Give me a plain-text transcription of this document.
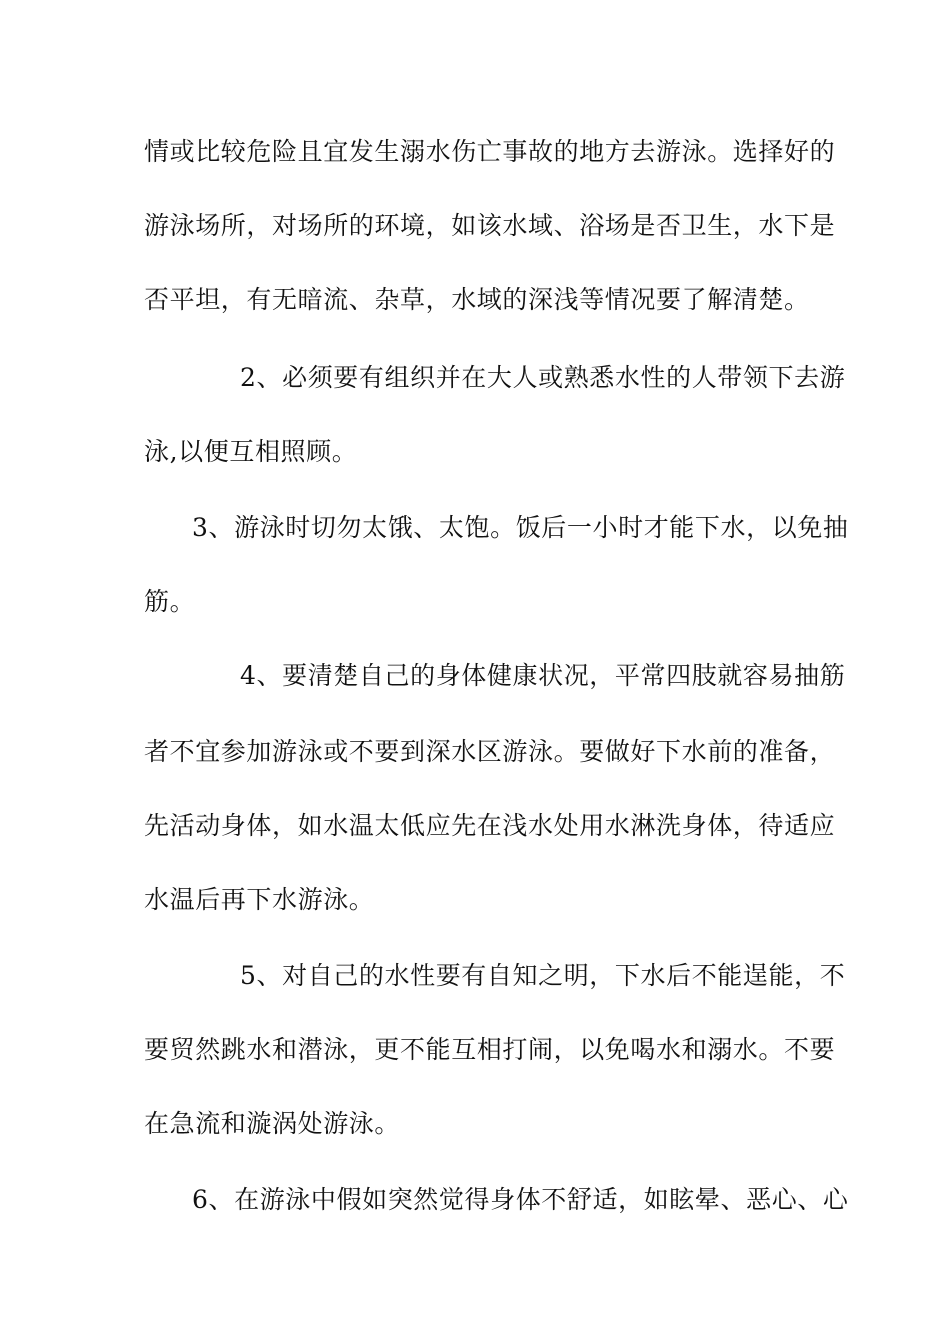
情或比较危险且宜发生溺水伤亡事故的地方去游泳。选择好的
游泳场所，对场所的环境，如该水域、浴场是否卫生，水下是
否平坦，有无暗流、杂草，水域的深浅等情况要了解清楚。
2、必须要有组织并在大人或熟悉水性的人带领下去游
泳,以便互相照顾。
3、游泳时切勿太饿、太饱。饭后一小时才能下水，以免抽
筋。
4、要清楚自己的身体健康状况，平常四肢就容易抽筋
者不宜参加游泳或不要到深水区游泳。要做好下水前的准备，
先活动身体，如水温太低应先在浅水处用水淋洗身体，待适应
水温后再下水游泳。
5、对自己的水性要有自知之明，下水后不能逞能，不
要贸然跳水和潜泳，更不能互相打闹，以免喝水和溺水。不要
在急流和漩涡处游泳。
6、在游泳中假如突然觉得身体不舒适，如眩晕、恶心、心
